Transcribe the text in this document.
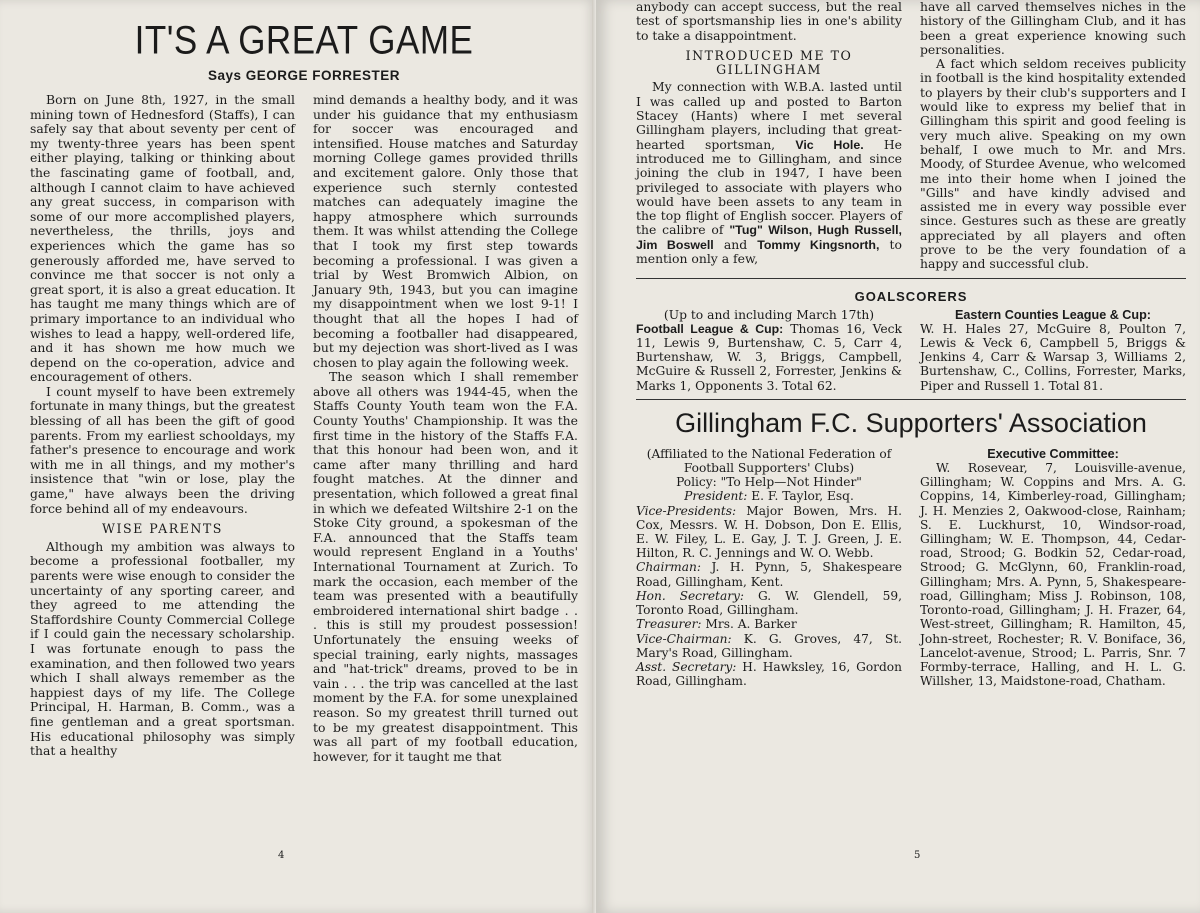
IT'S A GREAT GAME
Says GEORGE FORRESTER

Born on June 8th, 1927, in the small mining town of Hednesford (Staffs), I can safely say that about seventy per cent of my twenty-three years has been spent either playing, talking or thinking about the fascinating game of football, and, although I cannot claim to have achieved any great success, in comparison with some of our more accomplished players, nevertheless, the thrills, joys and experiences which the game has so generously afforded me, have served to convince me that soccer is not only a great sport, it is also a great education. It has taught me many things which are of primary importance to an individual who wishes to lead a happy, well-ordered life, and it has shown me how much we depend on the co-operation, advice and encouragement of others.

I count myself to have been extremely fortunate in many things, but the greatest blessing of all has been the gift of good parents. From my earliest schooldays, my father's presence to encourage and work with me in all things, and my mother's insistence that "win or lose, play the game," have always been the driving force behind all of my endeavours.

WISE PARENTS

Although my ambition was always to become a professional footballer, my parents were wise enough to consider the uncertainty of any sporting career, and they agreed to me attending the Staffordshire County Commercial College if I could gain the necessary scholarship. I was fortunate enough to pass the examination, and then followed two years which I shall always remember as the happiest days of my life. The College Principal, H. Harman, B. Comm., was a fine gentleman and a great sportsman. His educational philosophy was simply that a healthy

mind demands a healthy body, and it was under his guidance that my enthusiasm for soccer was encouraged and intensified. House matches and Saturday morning College games provided thrills and excitement galore. Only those that experience such sternly contested matches can adequately imagine the happy atmosphere which surrounds them. It was whilst attending the College that I took my first step towards becoming a professional. I was given a trial by West Bromwich Albion, on January 9th, 1943, but you can imagine my disappointment when we lost 9-1! I thought that all the hopes I had of becoming a footballer had disappeared, but my dejection was short-lived as I was chosen to play again the following week.

The season which I shall remember above all others was 1944-45, when the Staffs County Youth team won the F.A. County Youths' Championship. It was the first time in the history of the Staffs F.A. that this honour had been won, and it came after many thrilling and hard fought matches. At the dinner and presentation, which followed a great final in which we defeated Wiltshire 2-1 on the Stoke City ground, a spokesman of the F.A. announced that the Staffs team would represent England in a Youths' International Tournament at Zurich. To mark the occasion, each member of the team was presented with a beautifully embroidered international shirt badge . . . this is still my proudest possession! Unfortunately the ensuing weeks of special training, early nights, massages and "hat-trick" dreams, proved to be in vain . . . the trip was cancelled at the last moment by the F.A. for some unexplained reason. So my greatest thrill turned out to be my greatest disappointment. This was all part of my football education, however, for it taught me that

4

anybody can accept success, but the real test of sportsmanship lies in one's ability to take a disappointment.

INTRODUCED ME TO GILLINGHAM

My connection with W.B.A. lasted until I was called up and posted to Barton Stacey (Hants) where I met several Gillingham players, including that great-hearted sportsman, Vic Hole. He introduced me to Gillingham, and since joining the club in 1947, I have been privileged to associate with players who would have been assets to any team in the top flight of English soccer. Players of the calibre of "Tug" Wilson, Hugh Russell, Jim Boswell and Tommy Kingsnorth, to mention only a few,

have all carved themselves niches in the history of the Gillingham Club, and it has been a great experience knowing such personalities.

A fact which seldom receives publicity in football is the kind hospitality extended to players by their club's supporters and I would like to express my belief that in Gillingham this spirit and good feeling is very much alive. Speaking on my own behalf, I owe much to Mr. and Mrs. Moody, of Sturdee Avenue, who welcomed me into their home when I joined the "Gills" and have kindly advised and assisted me in every way possible ever since. Gestures such as these are greatly appreciated by all players and often prove to be the very foundation of a happy and successful club.

GOALSCORERS
(Up to and including March 17th)

Football League & Cup: Thomas 16, Veck 11, Lewis 9, Burtenshaw, C. 5, Carr 4, Burtenshaw, W. 3, Briggs, Campbell, McGuire & Russell 2, Forrester, Jenkins & Marks 1, Opponents 3. Total 62.

Eastern Counties League & Cup:

W. H. Hales 27, McGuire 8, Poulton 7, Lewis & Veck 6, Campbell 5, Briggs & Jenkins 4, Carr & Warsap 3, Williams 2, Burtenshaw, C., Collins, Forrester, Marks, Piper and Russell 1. Total 81.

Gillingham F.C. Supporters' Association
(Affiliated to the National Federation of Football Supporters' Clubs)
Policy: "To Help—Not Hinder"
President: E. F. Taylor, Esq.

Vice-Presidents: Major Bowen, Mrs. H. Cox, Messrs. W. H. Dobson, Don E. Ellis, E. W. Filey, L. E. Gay, J. T. J. Green, J. E. Hilton, R. C. Jennings and W. O. Webb.

Chairman: J. H. Pynn, 5, Shakespeare Road, Gillingham, Kent.

Hon. Secretary: G. W. Glendell, 59, Toronto Road, Gillingham.

Treasurer: Mrs. A. Barker

Vice-Chairman: K. G. Groves, 47, St. Mary's Road, Gillingham.

Asst. Secretary: H. Hawksley, 16, Gordon Road, Gillingham.

Executive Committee:

W. Rosevear, 7, Louisville-avenue, Gillingham; W. Coppins and Mrs. A. G. Coppins, 14, Kimberley-road, Gillingham; J. H. Menzies 2, Oakwood-close, Rainham; S. E. Luckhurst, 10, Windsor-road, Gillingham; W. E. Thompson, 44, Cedar-road, Strood; G. Bodkin 52, Cedar-road, Strood; G. McGlynn, 60, Franklin-road, Gillingham; Mrs. A. Pynn, 5, Shakespeare-road, Gillingham; Miss J. Robinson, 108, Toronto-road, Gillingham; J. H. Frazer, 64, West-street, Gillingham; R. Hamilton, 45, John-street, Rochester; R. V. Boniface, 36, Lancelot-avenue, Strood; L. Parris, Snr. 7 Formby-terrace, Halling, and H. L. G. Willsher, 13, Maidstone-road, Chatham.

5
